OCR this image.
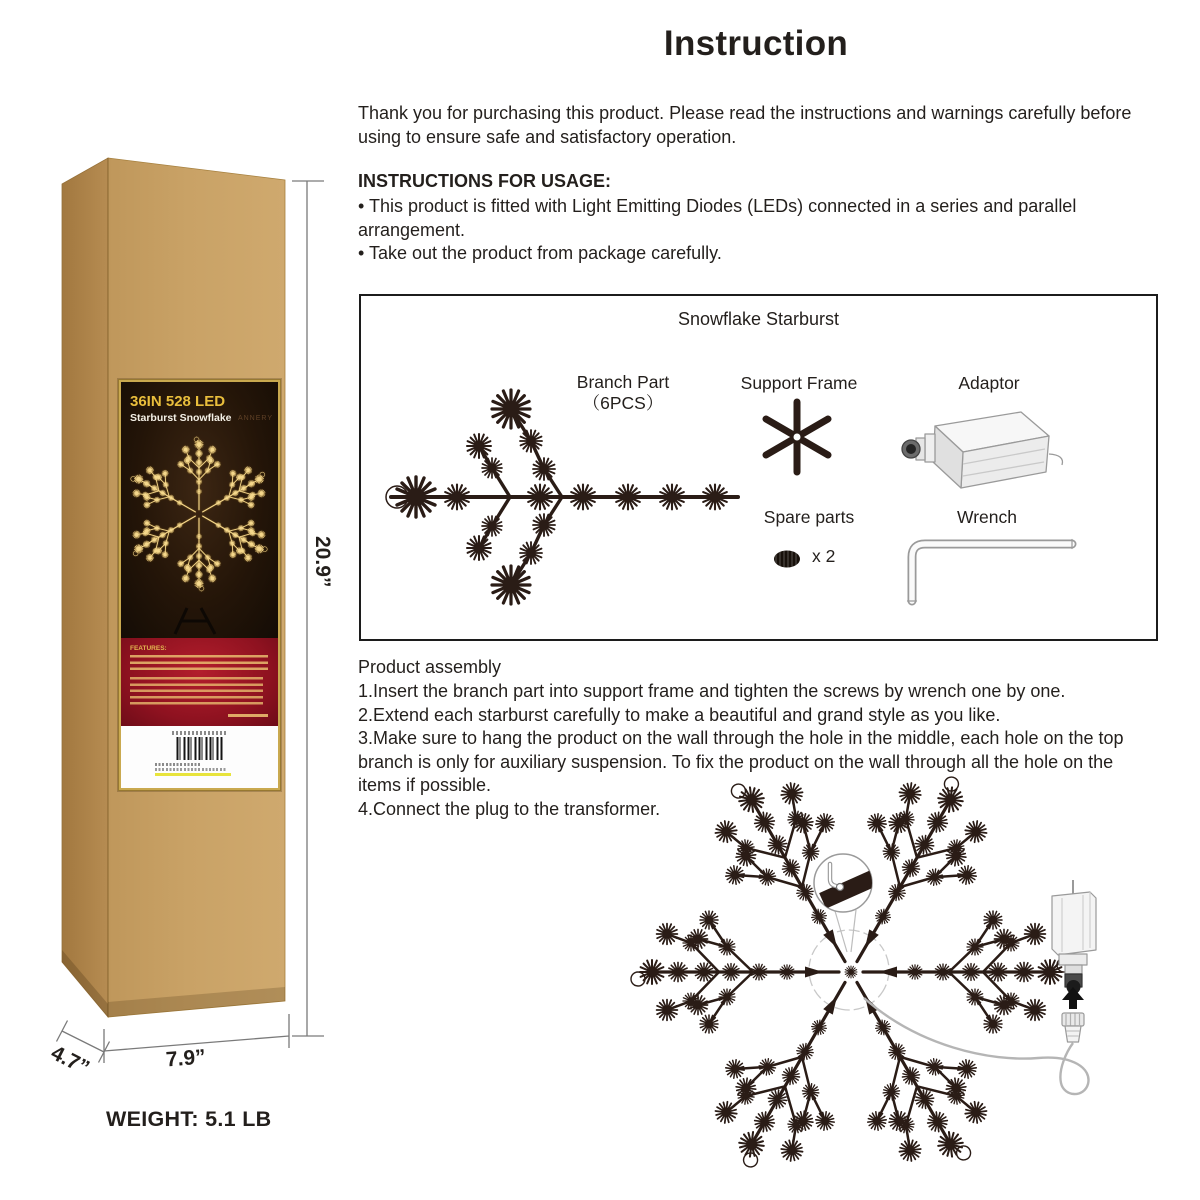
36IN 528 LED
Starburst Snowflake ANNERY
FEATURES:
Instruction
Thank you for purchasing this product. Please read the instructions and warnings carefully before using to ensure safe and satisfactory operation.
INSTRUCTIONS FOR USAGE:
• This product is fitted with Light Emitting Diodes (LEDs) connected in a series and parallel arrangement.
• Take out the product from package carefully.
Snowflake Starburst
Branch Part
（6PCS）
Support Frame	Adaptor
Spare parts	Wrench
x 2
Product assembly
1.Insert the branch part into support frame and tighten the screws by wrench one by one.
2.Extend each starburst carefully to make a beautiful and grand style as you like.
3.Make sure to hang the product on the wall through the hole in the middle, each hole on the top branch is only for auxiliary suspension. To fix the product on the wall through all the hole on the items if possible.
4.Connect the plug to the transformer.
20.9”
7.9”
4.7”
WEIGHT: 5.1 LB
